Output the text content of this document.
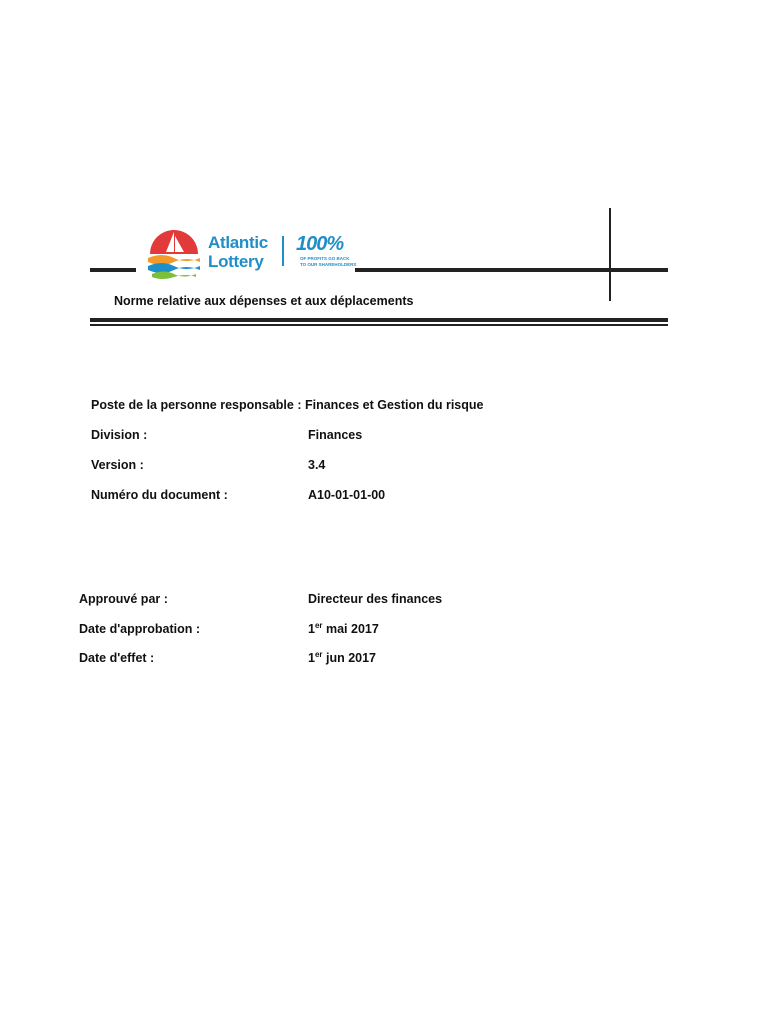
Atlantic
Lottery
100%
OF PROFITS GO BACK
TO OUR SHAREHOLDERS
Norme relative aux dépenses et aux déplacements
Poste de la personne responsable : Finances et Gestion du risque
Division :	Finances
Version :	3.4
Numéro du document :	A10-01-01-00
Approuvé par :	Directeur des finances
Date d'approbation :	1er mai 2017
Date d'effet :	1er jun 2017
